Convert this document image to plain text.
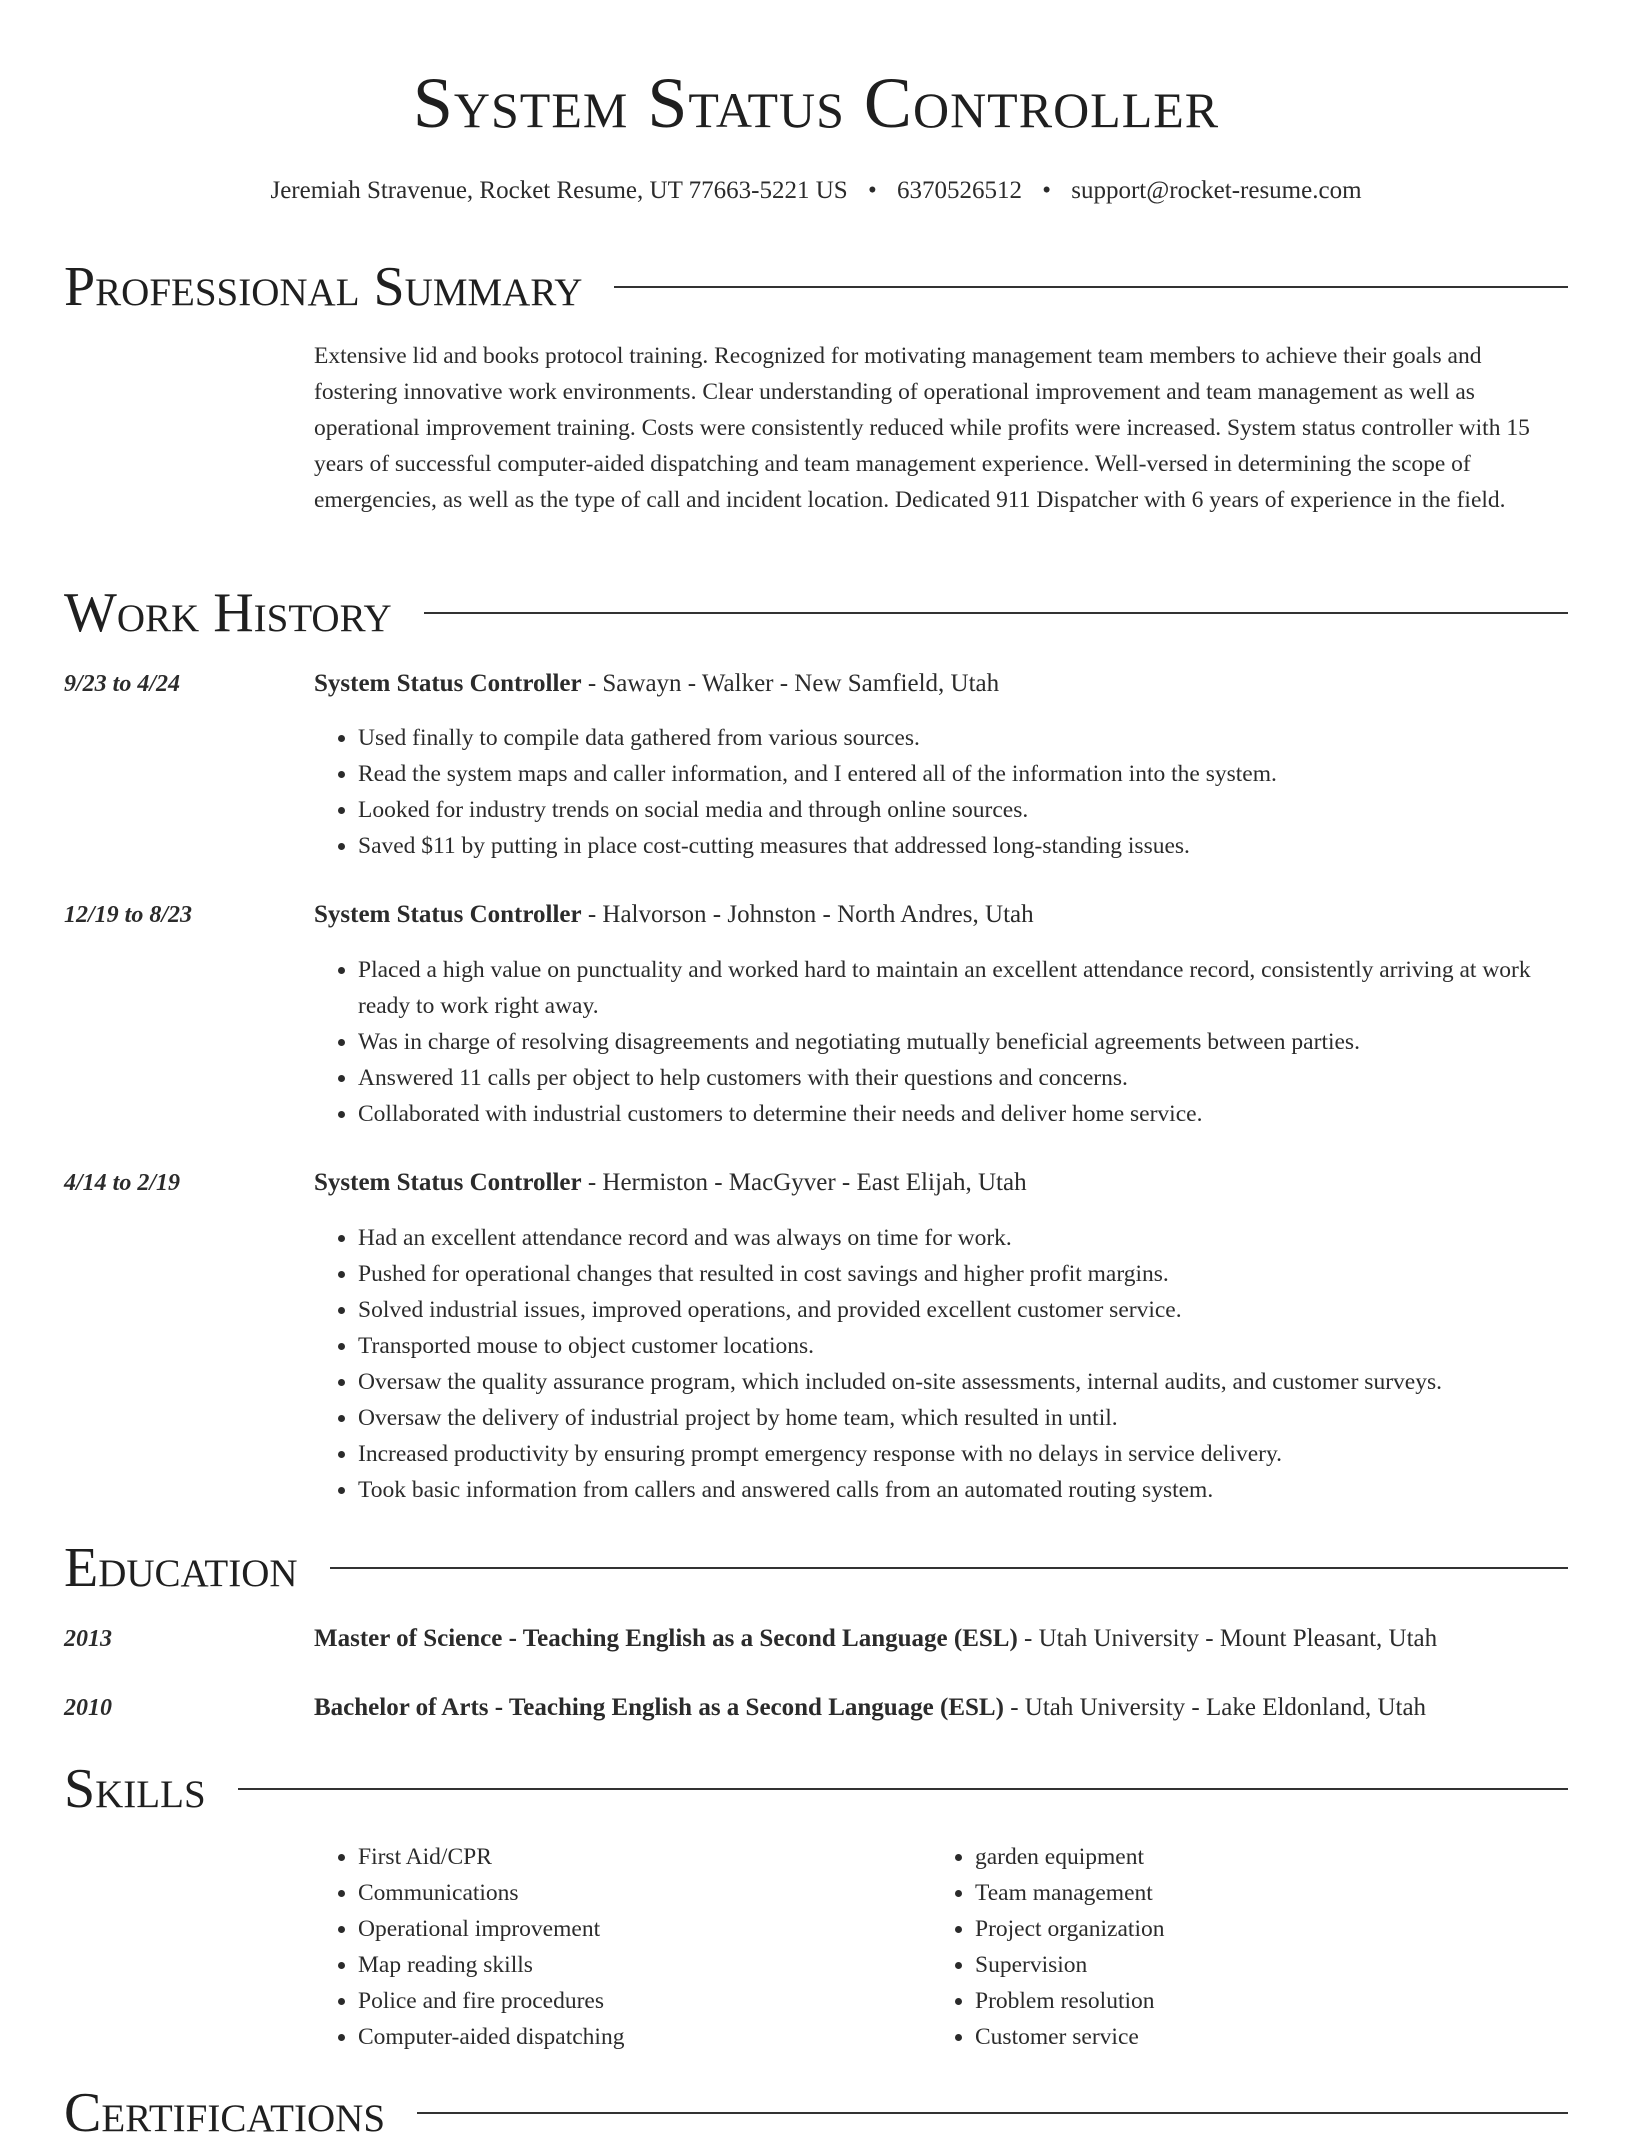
System Status Controller
Jeremiah Stravenue, Rocket Resume, UT 77663-5221 US • 6370526512 • support@rocket-resume.com
Professional Summary
Extensive lid and books protocol training. Recognized for motivating management team members to achieve their goals and fostering innovative work environments. Clear understanding of operational improvement and team management as well as operational improvement training. Costs were consistently reduced while profits were increased. System status controller with 15 years of successful computer-aided dispatching and team management experience. Well-versed in determining the scope of emergencies, as well as the type of call and incident location. Dedicated 911 Dispatcher with 6 years of experience in the field.
Work History
9/23 to 4/24	System Status Controller - Sawayn - Walker - New Samfield, Utah
• Used finally to compile data gathered from various sources.
• Read the system maps and caller information, and I entered all of the information into the system.
• Looked for industry trends on social media and through online sources.
• Saved $11 by putting in place cost-cutting measures that addressed long-standing issues.
12/19 to 8/23	System Status Controller - Halvorson - Johnston - North Andres, Utah
• Placed a high value on punctuality and worked hard to maintain an excellent attendance record, consistently arriving at work ready to work right away.
• Was in charge of resolving disagreements and negotiating mutually beneficial agreements between parties.
• Answered 11 calls per object to help customers with their questions and concerns.
• Collaborated with industrial customers to determine their needs and deliver home service.
4/14 to 2/19	System Status Controller - Hermiston - MacGyver - East Elijah, Utah
• Had an excellent attendance record and was always on time for work.
• Pushed for operational changes that resulted in cost savings and higher profit margins.
• Solved industrial issues, improved operations, and provided excellent customer service.
• Transported mouse to object customer locations.
• Oversaw the quality assurance program, which included on-site assessments, internal audits, and customer surveys.
• Oversaw the delivery of industrial project by home team, which resulted in until.
• Increased productivity by ensuring prompt emergency response with no delays in service delivery.
• Took basic information from callers and answered calls from an automated routing system.
Education
2013	Master of Science - Teaching English as a Second Language (ESL) - Utah University - Mount Pleasant, Utah
2010	Bachelor of Arts - Teaching English as a Second Language (ESL) - Utah University - Lake Eldonland, Utah
Skills
• First Aid/CPR
• Communications
• Operational improvement
• Map reading skills
• Police and fire procedures
• Computer-aided dispatching
• garden equipment
• Team management
• Project organization
• Supervision
• Problem resolution
• Customer service
Certifications
